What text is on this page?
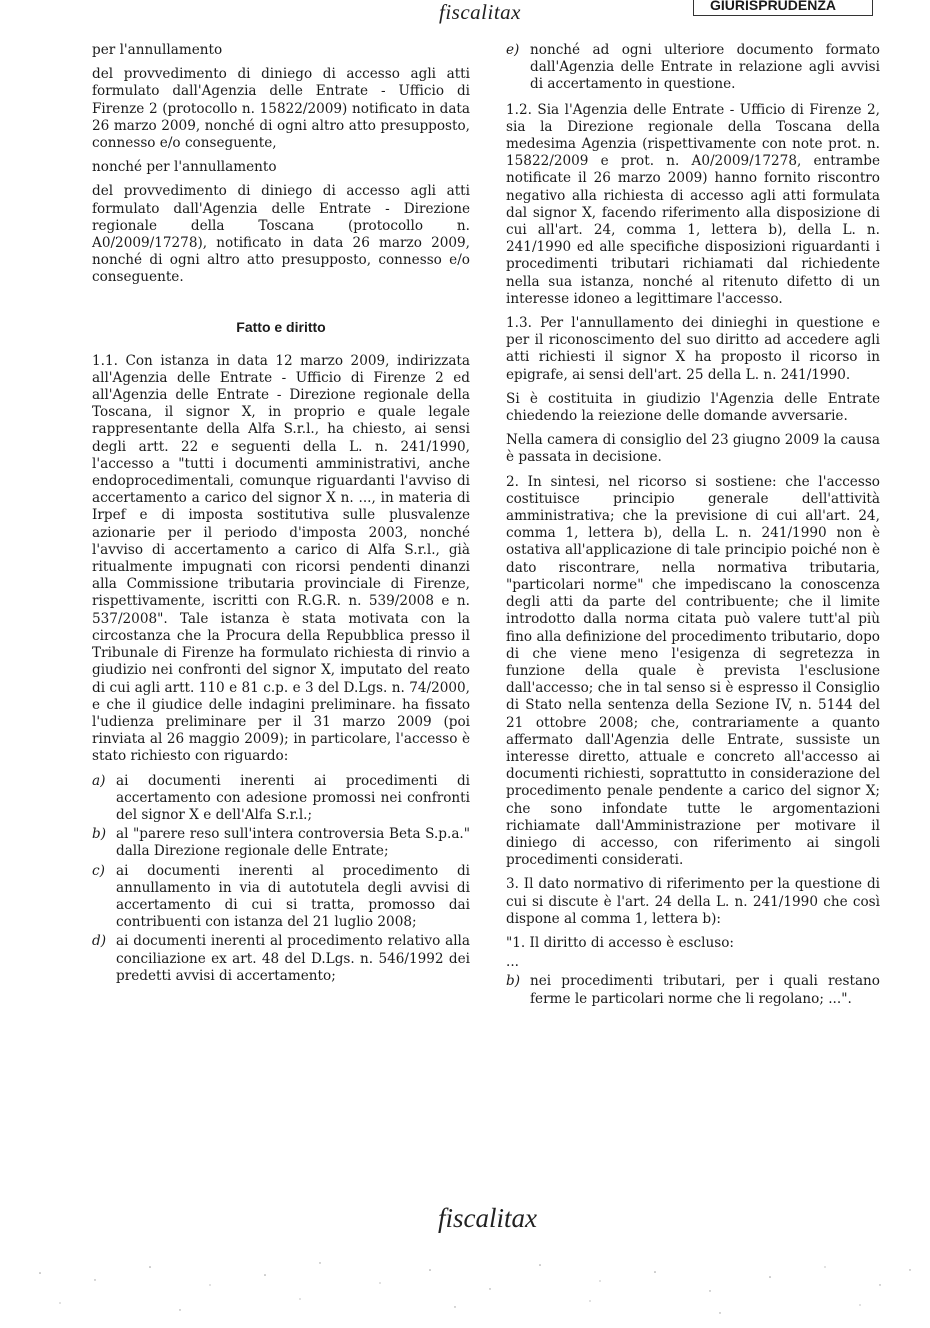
fiscalitax	GIURISPRUDENZA

per l'annullamento

del provvedimento di diniego di accesso agli atti formulato dall'Agenzia delle Entrate - Ufficio di Firenze 2 (protocollo n. 15822/2009) notificato in data 26 marzo 2009, nonché di ogni altro atto presupposto, connesso e/o conseguente,

nonché per l'annullamento

del provvedimento di diniego di accesso agli atti formulato dall'Agenzia delle Entrate - Direzione regionale della Toscana (protocollo n. A0/2009/17278), notificato in data 26 marzo 2009, nonché di ogni altro atto presupposto, connesso e/o conseguente.

Fatto e diritto

1.1. Con istanza in data 12 marzo 2009, indirizzata all'Agenzia delle Entrate - Ufficio di Firenze 2 ed all'Agenzia delle Entrate - Direzione regionale della Toscana, il signor X, in proprio e quale legale rappresentante della Alfa S.r.l., ha chiesto, ai sensi degli artt. 22 e seguenti della L. n. 241/1990, l'accesso a "tutti i documenti amministrativi, anche endoprocedimentali, comunque riguardanti l'avviso di accertamento a carico del signor X n. ..., in materia di Irpef e di imposta sostitutiva sulle plusvalenze azionarie per il periodo d'imposta 2003, nonché l'avviso di accertamento a carico di Alfa S.r.l., già ritualmente impugnati con ricorsi pendenti dinanzi alla Commissione tributaria provinciale di Firenze, rispettivamente, iscritti con R.G.R. n. 539/2008 e n. 537/2008". Tale istanza è stata motivata con la circostanza che la Procura della Repubblica presso il Tribunale di Firenze ha formulato richiesta di rinvio a giudizio nei confronti del signor X, imputato del reato di cui agli artt. 110 e 81 c.p. e 3 del D.Lgs. n. 74/2000, e che il giudice delle indagini preliminare. ha fissato l'udienza preliminare per il 31 marzo 2009 (poi rinviata al 26 maggio 2009); in particolare, l'accesso è stato richiesto con riguardo:

a) ai documenti inerenti ai procedimenti di accertamento con adesione promossi nei confronti del signor X e dell'Alfa S.r.l.;
b) al "parere reso sull'intera controversia Beta S.p.a." dalla Direzione regionale delle Entrate;
c) ai documenti inerenti al procedimento di annullamento in via di autotutela degli avvisi di accertamento di cui si tratta, promosso dai contribuenti con istanza del 21 luglio 2008;
d) ai documenti inerenti al procedimento relativo alla conciliazione ex art. 48 del D.Lgs. n. 546/1992 dei predetti avvisi di accertamento;
e) nonché ad ogni ulteriore documento formato dall'Agenzia delle Entrate in relazione agli avvisi di accertamento in questione.

1.2. Sia l'Agenzia delle Entrate - Ufficio di Firenze 2, sia la Direzione regionale della Toscana della medesima Agenzia (rispettivamente con note prot. n. 15822/2009 e prot. n. A0/2009/17278, entrambe notificate il 26 marzo 2009) hanno fornito riscontro negativo alla richiesta di accesso agli atti formulata dal signor X, facendo riferimento alla disposizione di cui all'art. 24, comma 1, lettera b), della L. n. 241/1990 ed alle specifiche disposizioni riguardanti i procedimenti tributari richiamati dal richiedente nella sua istanza, nonché al ritenuto difetto di un interesse idoneo a legittimare l'accesso.

1.3. Per l'annullamento dei dinieghi in questione e per il riconoscimento del suo diritto ad accedere agli atti richiesti il signor X ha proposto il ricorso in epigrafe, ai sensi dell'art. 25 della L. n. 241/1990.

Si è costituita in giudizio l'Agenzia delle Entrate chiedendo la reiezione delle domande avversarie.

Nella camera di consiglio del 23 giugno 2009 la causa è passata in decisione.

2. In sintesi, nel ricorso si sostiene: che l'accesso costituisce principio generale dell'attività amministrativa; che la previsione di cui all'art. 24, comma 1, lettera b), della L. n. 241/1990 non è ostativa all'applicazione di tale principio poiché non è dato riscontrare, nella normativa tributaria, "particolari norme" che impediscano la conoscenza degli atti da parte del contribuente; che il limite introdotto dalla norma citata può valere tutt'al più fino alla definizione del procedimento tributario, dopo di che viene meno l'esigenza di segretezza in funzione della quale è prevista l'esclusione dall'accesso; che in tal senso si è espresso il Consiglio di Stato nella sentenza della Sezione IV, n. 5144 del 21 ottobre 2008; che, contrariamente a quanto affermato dall'Agenzia delle Entrate, sussiste un interesse diretto, attuale e concreto all'accesso ai documenti richiesti, soprattutto in considerazione del procedimento penale pendente a carico del signor X; che sono infondate tutte le argomentazioni richiamate dall'Amministrazione per motivare il diniego di accesso, con riferimento ai singoli procedimenti considerati.

3. Il dato normativo di riferimento per la questione di cui si discute è l'art. 24 della L. n. 241/1990 che così dispone al comma 1, lettera b):

"1. Il diritto di accesso è escluso:
...
b) nei procedimenti tributari, per i quali restano ferme le particolari norme che li regolano; ...".
fiscalitax
